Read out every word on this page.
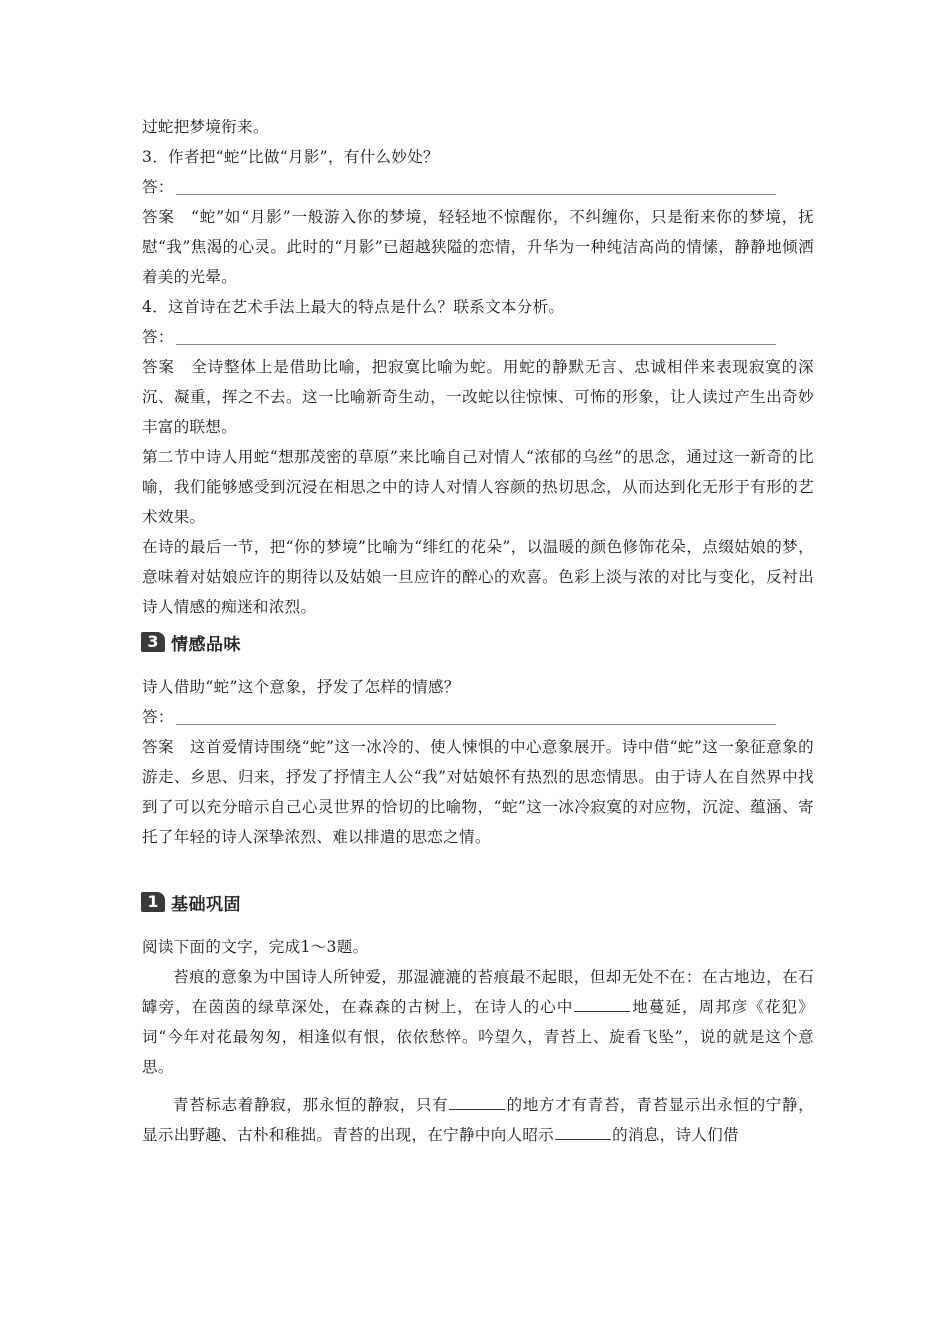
过蛇把梦境衔来。
3．作者把“蛇”比做“月影”，有什么妙处？
答：
答案　“蛇”如“月影”一般游入你的梦境，轻轻地不惊醒你，不纠缠你，只是衔来你的梦境，抚慰“我”焦渴的心灵。此时的“月影”已超越狭隘的恋情，升华为一种纯洁高尚的情愫，静静地倾洒着美的光晕。
4．这首诗在艺术手法上最大的特点是什么？联系文本分析。
答：
答案　全诗整体上是借助比喻，把寂寞比喻为蛇。用蛇的静默无言、忠诚相伴来表现寂寞的深沉、凝重，挥之不去。这一比喻新奇生动，一改蛇以往惊悚、可怖的形象，让人读过产生出奇妙丰富的联想。
第二节中诗人用蛇“想那茂密的草原”来比喻自己对情人“浓郁的乌丝”的思念，通过这一新奇的比喻，我们能够感受到沉浸在相思之中的诗人对情人容颜的热切思念，从而达到化无形于有形的艺术效果。
在诗的最后一节，把“你的梦境”比喻为“绯红的花朵”，以温暖的颜色修饰花朵，点缀姑娘的梦，意味着对姑娘应许的期待以及姑娘一旦应许的醉心的欢喜。色彩上淡与浓的对比与变化，反衬出诗人情感的痴迷和浓烈。
3 情感品味
诗人借助“蛇”这个意象，抒发了怎样的情感？
答：
答案　这首爱情诗围绕“蛇”这一冰冷的、使人悚惧的中心意象展开。诗中借“蛇”这一象征意象的游走、乡思、归来，抒发了抒情主人公“我”对姑娘怀有热烈的思恋情思。由于诗人在自然界中找到了可以充分暗示自己心灵世界的恰切的比喻物，“蛇”这一冰冷寂寞的对应物，沉淀、蕴涵、寄托了年轻的诗人深挚浓烈、难以排遣的思恋之情。
1 基础巩固
阅读下面的文字，完成1～3题。
苔痕的意象为中国诗人所钟爱，那湿漉漉的苔痕最不起眼，但却无处不在：在古地边，在石罅旁，在茵茵的绿草深处，在森森的古树上，在诗人的心中	地蔓延，周邦彦《花犯》词“今年对花最匆匆，相逢似有恨，依依愁悴。吟望久，青苔上、旋看飞坠”，说的就是这个意思。
青苔标志着静寂，那永恒的静寂，只有	的地方才有青苔，青苔显示出永恒的宁静，显示出野趣、古朴和稚拙。青苔的出现，在宁静中向人昭示	的消息，诗人们借
